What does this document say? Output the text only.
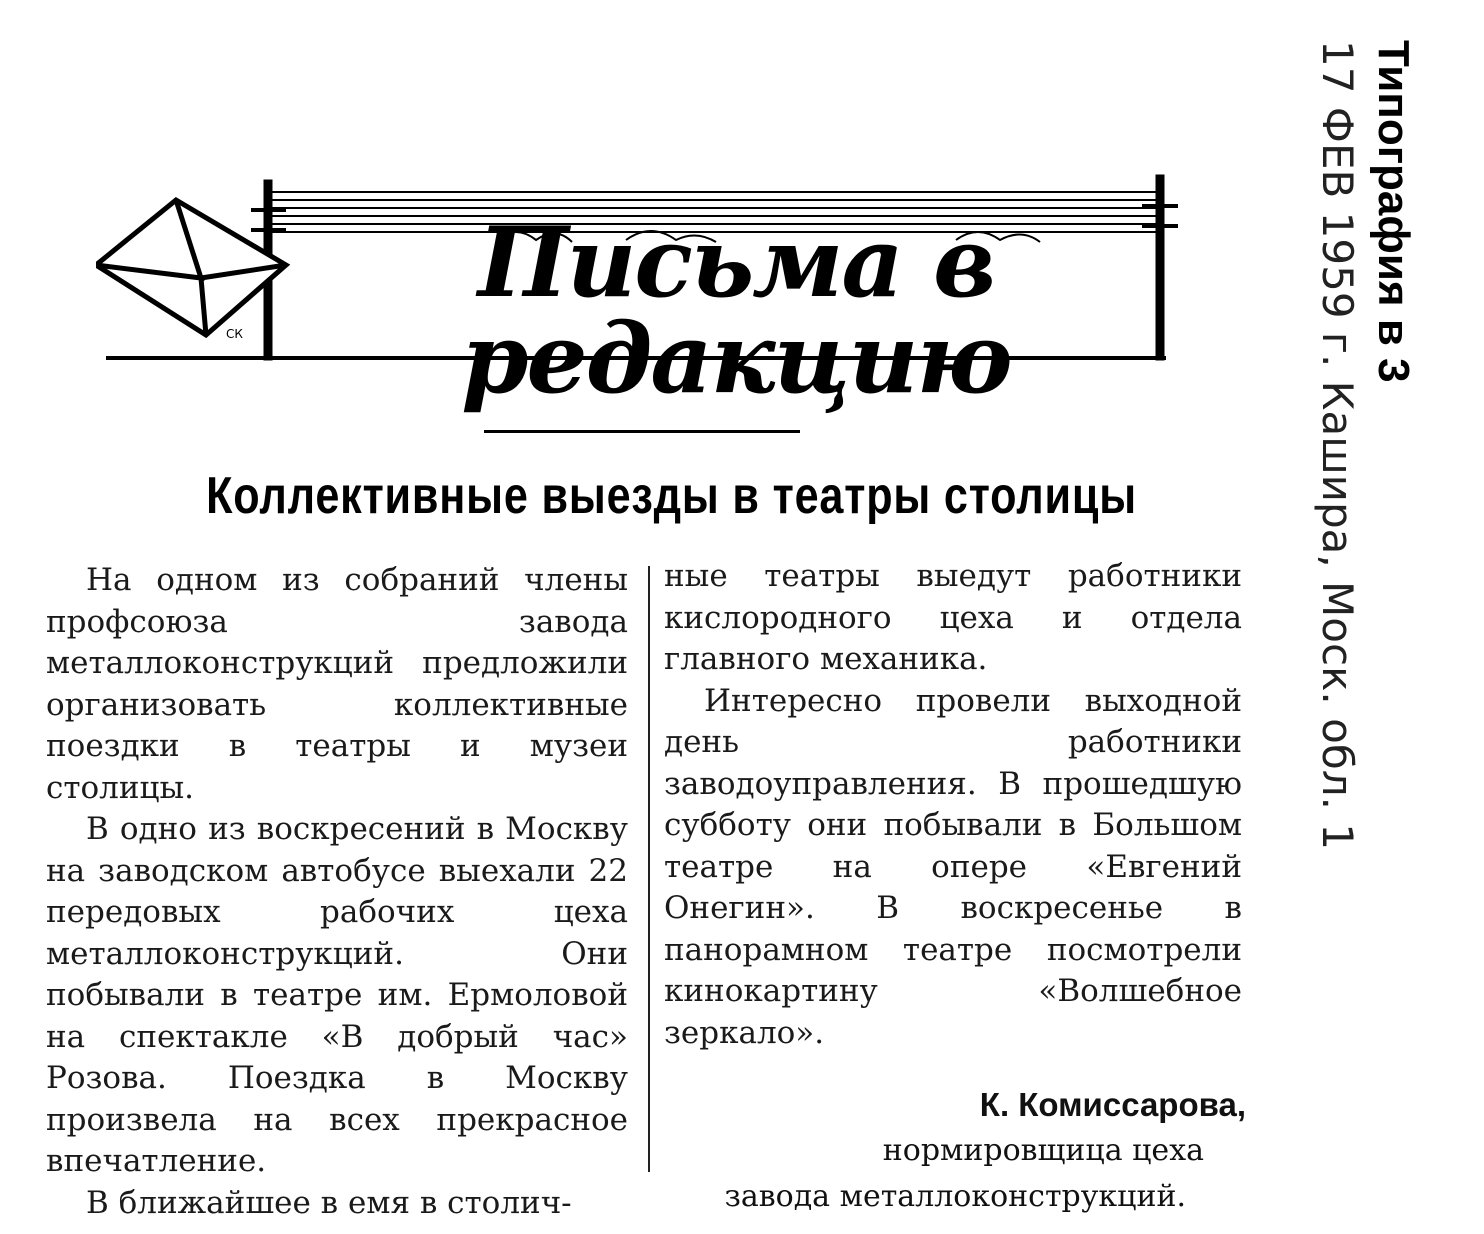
СК
Письма в редакцию
Коллективные выезды в театры столицы

На одном из собраний члены профсоюза завода металлоконструкций предложили организовать коллективные поездки в театры и музеи столицы.

В одно из воскресений в Москву на заводском автобусе выехали 22 передовых рабочих цеха металлоконструкций. Они побывали в театре им. Ермоловой на спектакле «В добрый час» Розова. Поездка в Москву произвела на всех прекрасное впечатление.

В ближайшее в емя в столич-

ные театры выедут работники кислородного цеха и отдела главного механика.

Интересно провели выходной день работники заводоуправления. В прошедшую субботу они побывали в Большом театре на опере «Евгений Онегин». В воскресенье в панорамном театре посмотрели кинокартину «Волшебное зеркало».

К. Комиссарова,
нормировщица цеха
завода металлоконструкций.
Типография в 3
17 ФЕВ 1959 г. Кашира, Моск. обл. 1
